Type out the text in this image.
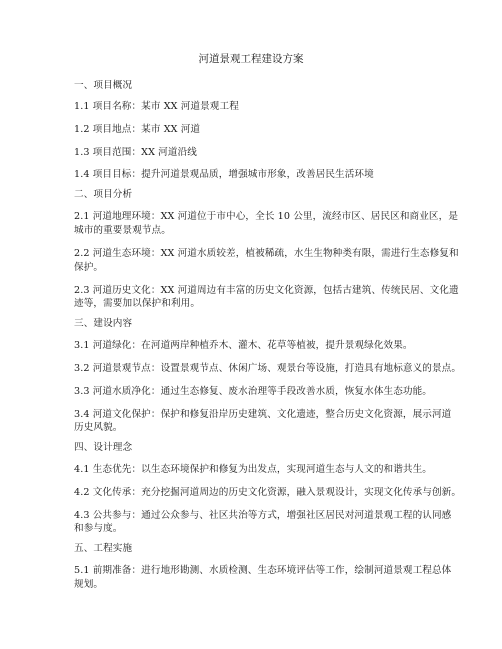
河道景观工程建设方案
一、项目概况
1.1 项目名称：某市 XX 河道景观工程
1.2 项目地点：某市 XX 河道
1.3 项目范围：XX 河道沿线
1.4 项目目标：提升河道景观品质，增强城市形象，改善居民生活环境
二、项目分析
2.1 河道地理环境：XX 河道位于市中心，全长 10 公里，流经市区、居民区和商业区，是
城市的重要景观节点。
2.2 河道生态环境：XX 河道水质较差，植被稀疏，水生生物种类有限，需进行生态修复和
保护。
2.3 河道历史文化：XX 河道周边有丰富的历史文化资源，包括古建筑、传统民居、文化遗
迹等，需要加以保护和利用。
三、建设内容
3.1 河道绿化：在河道两岸种植乔木、灌木、花草等植被，提升景观绿化效果。
3.2 河道景观节点：设置景观节点、休闲广场、观景台等设施，打造具有地标意义的景点。
3.3 河道水质净化：通过生态修复、废水治理等手段改善水质，恢复水体生态功能。
3.4 河道文化保护：保护和修复沿岸历史建筑、文化遗迹，整合历史文化资源，展示河道
历史风貌。
四、设计理念
4.1 生态优先：以生态环境保护和修复为出发点，实现河道生态与人文的和谐共生。
4.2 文化传承：充分挖掘河道周边的历史文化资源，融入景观设计，实现文化传承与创新。
4.3 公共参与：通过公众参与、社区共治等方式，增强社区居民对河道景观工程的认同感
和参与度。
五、工程实施
5.1 前期准备：进行地形勘测、水质检测、生态环境评估等工作，绘制河道景观工程总体
规划。
